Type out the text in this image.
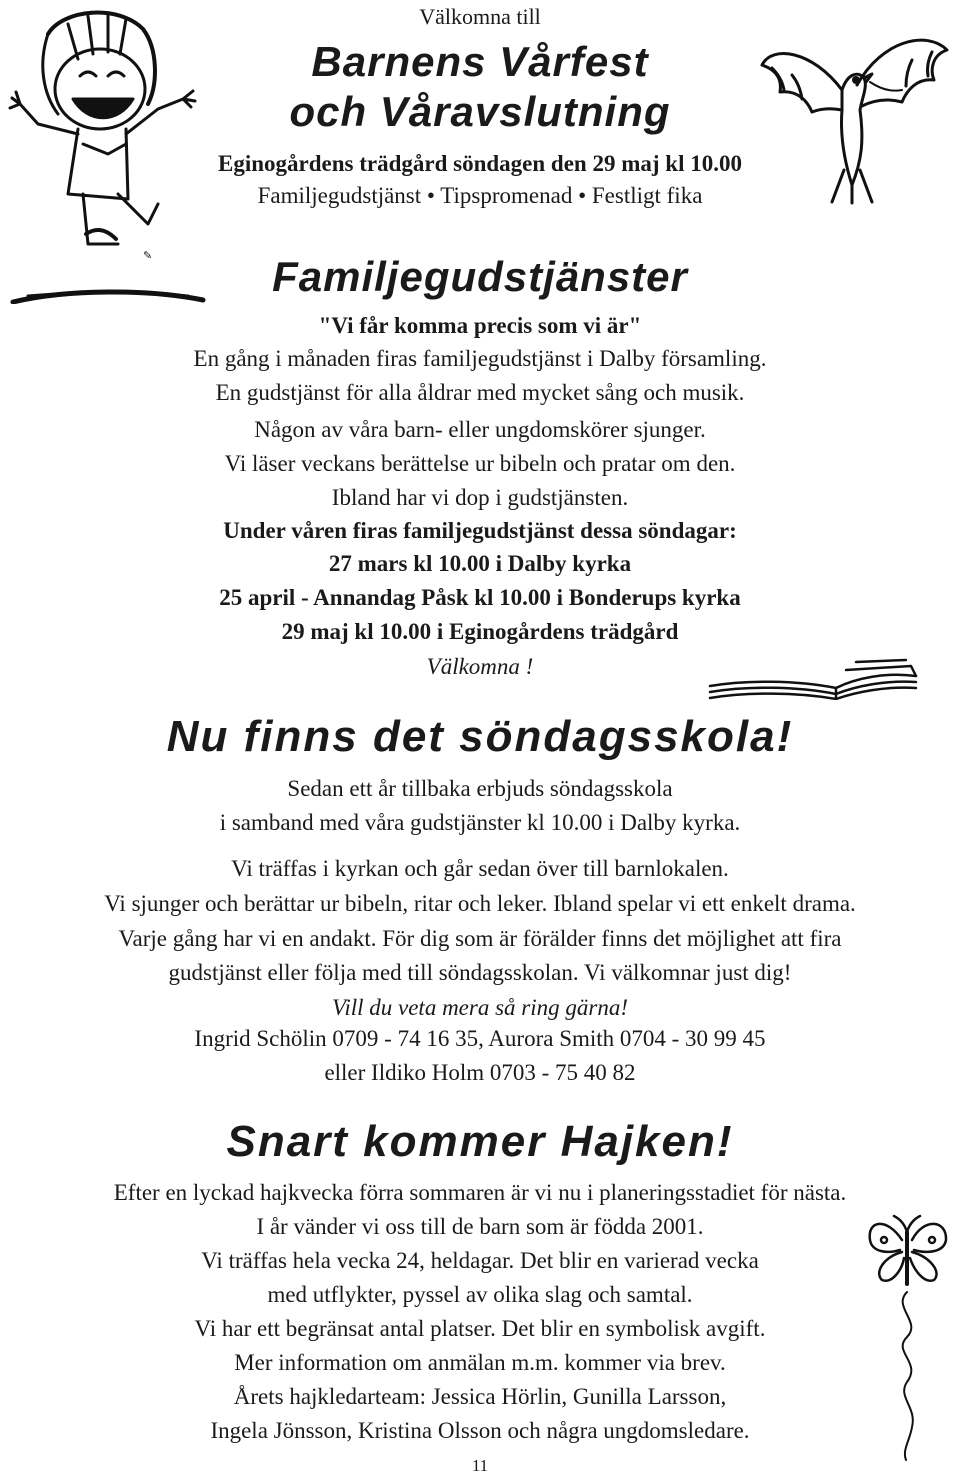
✎
Välkomna till
Barnens Vårfest
och Våravslutning
Eginogårdens trädgård söndagen den 29 maj kl 10.00
Familjegudstjänst • Tipspromenad • Festligt fika
Familjegudstjänster
"Vi får komma precis som vi är"
En gång i månaden firas familjegudstjänst i Dalby församling.
En gudstjänst för alla åldrar med mycket sång och musik.
Någon av våra barn- eller ungdomskörer sjunger.
Vi läser veckans berättelse ur bibeln och pratar om den.
Ibland har vi dop i gudstjänsten.
Under våren firas familjegudstjänst dessa söndagar:
27 mars kl 10.00 i Dalby kyrka
25 april - Annandag Påsk kl 10.00 i Bonderups kyrka
29 maj kl 10.00 i Eginogårdens trädgård
Välkomna !
Nu finns det söndagsskola!
Sedan ett år tillbaka erbjuds söndagsskola
i samband med våra gudstjänster kl 10.00 i Dalby kyrka.
Vi träffas i kyrkan och går sedan över till barnlokalen.
Vi sjunger och berättar ur bibeln, ritar och leker. Ibland spelar vi ett enkelt drama.
Varje gång har vi en andakt. För dig som är förälder finns det möjlighet att fira
gudstjänst eller följa med till söndagsskolan. Vi välkomnar just dig!
Vill du veta mera så ring gärna!
Ingrid Schölin 0709 - 74 16 35, Aurora Smith 0704 - 30 99 45
eller Ildiko Holm 0703 - 75 40 82
Snart kommer Hajken!
Efter en lyckad hajkvecka förra sommaren är vi nu i planeringsstadiet för nästa.
I år vänder vi oss till de barn som är födda 2001.
Vi träffas hela vecka 24, heldagar. Det blir en varierad vecka
med utflykter, pyssel av olika slag och samtal.
Vi har ett begränsat antal platser. Det blir en symbolisk avgift.
Mer information om anmälan m.m. kommer via brev.
Årets hajkledarteam: Jessica Hörlin, Gunilla Larsson,
Ingela Jönsson, Kristina Olsson och några ungdomsledare.
11
